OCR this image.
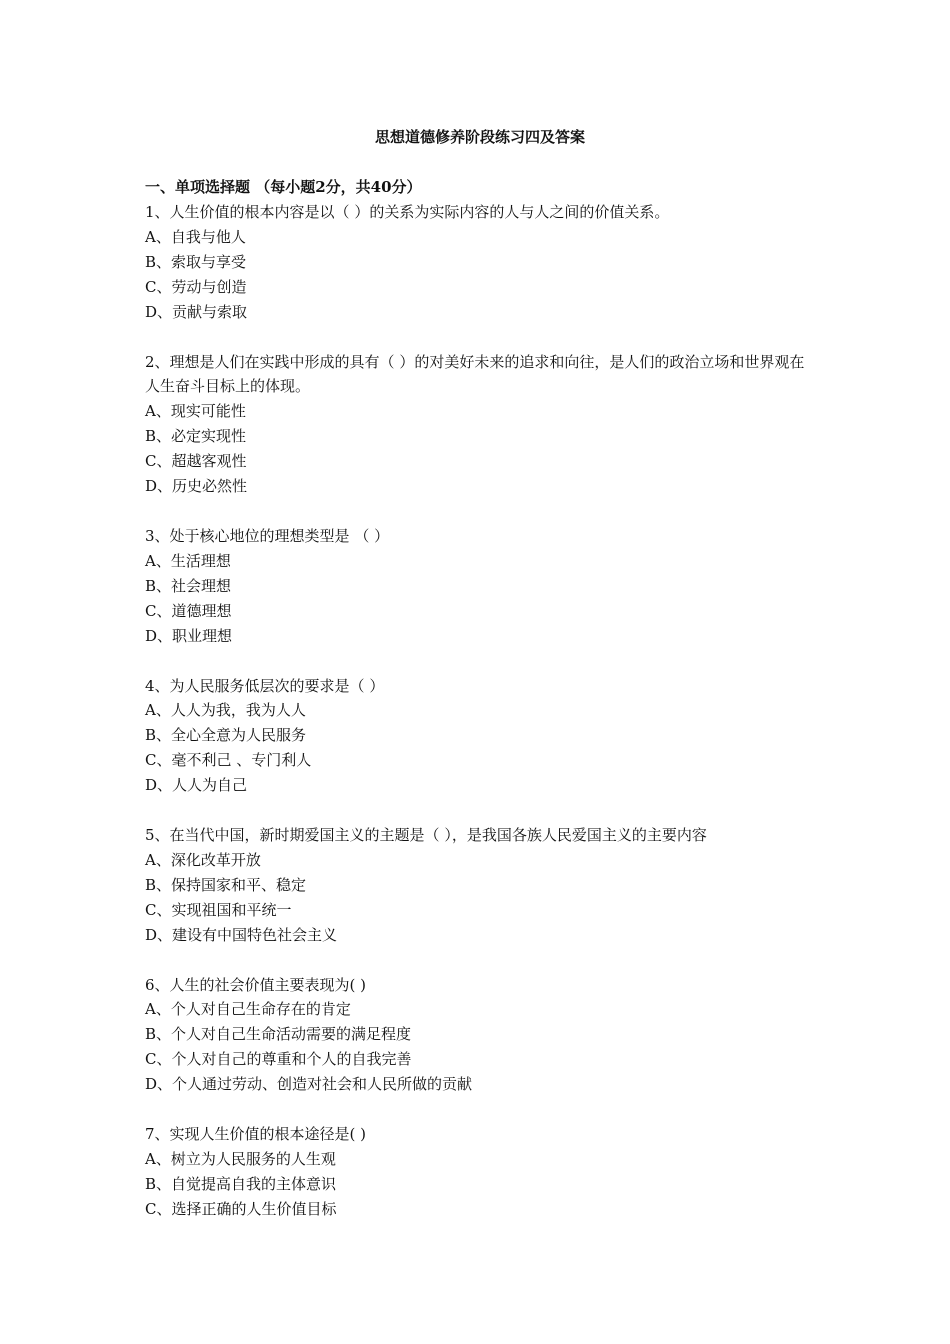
思想道德修养阶段练习四及答案
一、单项选择题 （每小题2分，共40分）
1、人生价值的根本内容是以（ ）的关系为实际内容的人与人之间的价值关系。
A、自我与他人
B、索取与享受
C、劳动与创造
D、贡献与索取
2、理想是人们在实践中形成的具有（ ）的对美好未来的追求和向往，是人们的政治立场和世界观在人生奋斗目标上的体现。
A、现实可能性
B、必定实现性
C、超越客观性
D、历史必然性
3、处于核心地位的理想类型是 （ ）
A、生活理想
B、社会理想
C、道德理想
D、职业理想
4、为人民服务低层次的要求是（ ）
A、人人为我，我为人人
B、全心全意为人民服务
C、毫不利己 、专门利人
D、人人为自己
5、在当代中国，新时期爱国主义的主题是（ ），是我国各族人民爱国主义的主要内容
A、深化改革开放
B、保持国家和平、稳定
C、实现祖国和平统一
D、建设有中国特色社会主义
6、人生的社会价值主要表现为( )
A、个人对自己生命存在的肯定
B、个人对自己生命活动需要的满足程度
C、个人对自己的尊重和个人的自我完善
D、个人通过劳动、创造对社会和人民所做的贡献
7、实现人生价值的根本途径是( )
A、树立为人民服务的人生观
B、自觉提高自我的主体意识
C、选择正确的人生价值目标
